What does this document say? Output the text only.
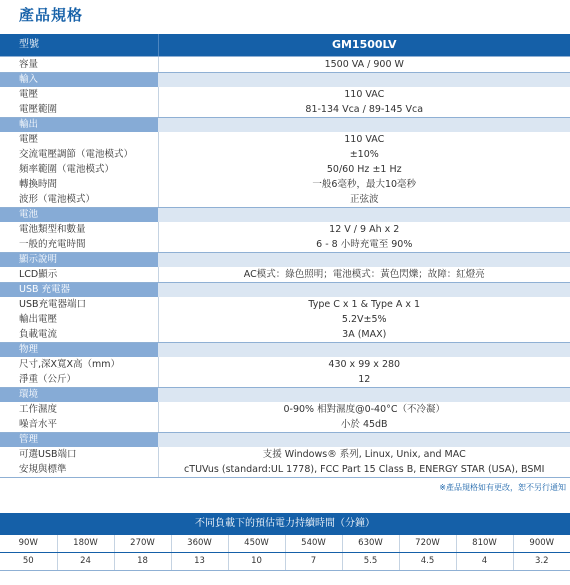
產品規格
型號	GM1500LV
容量	1500 VA / 900 W
輸入	
電壓	110 VAC
電壓範圍	81-134 Vca / 89-145 Vca
輸出	
電壓	110 VAC
交流電壓調節（電池模式）	±10%
頻率範圍（電池模式）	50/60 Hz ±1 Hz
轉換時間	一般6毫秒，最大10毫秒
波形（電池模式）	正弦波
電池	
電池類型和數量	12 V / 9 Ah x 2
一般的充電時間	6 - 8 小時充電至 90%
顯示說明	
LCD顯示	AC模式：綠色照明；電池模式：黃色閃爍；故障：紅燈亮
USB 充電器	
USB充電器端口	Type C x 1 & Type A x 1
輸出電壓	5.2V±5%
負載電流	3A (MAX)
物理	
尺寸,深X寬X高（mm）	430 x 99 x 280
淨重（公斤）	12
環境	
工作濕度	0-90% 相對濕度@0-40°C（不冷凝）
噪音水平	小於 45dB
管理	
可選USB端口	支援 Windows® 系列, Linux, Unix, and MAC
安規與標準	cTUVus (standard:UL 1778), FCC Part 15 Class B, ENERGY STAR (USA), BSMI
※產品規格如有更改，恕不另行通知
不同負載下的預估電力持續時間（分鐘）
90W	180W	270W	360W	450W	540W	630W	720W	810W	900W
50	24	18	13	10	7	5.5	4.5	4	3.2
